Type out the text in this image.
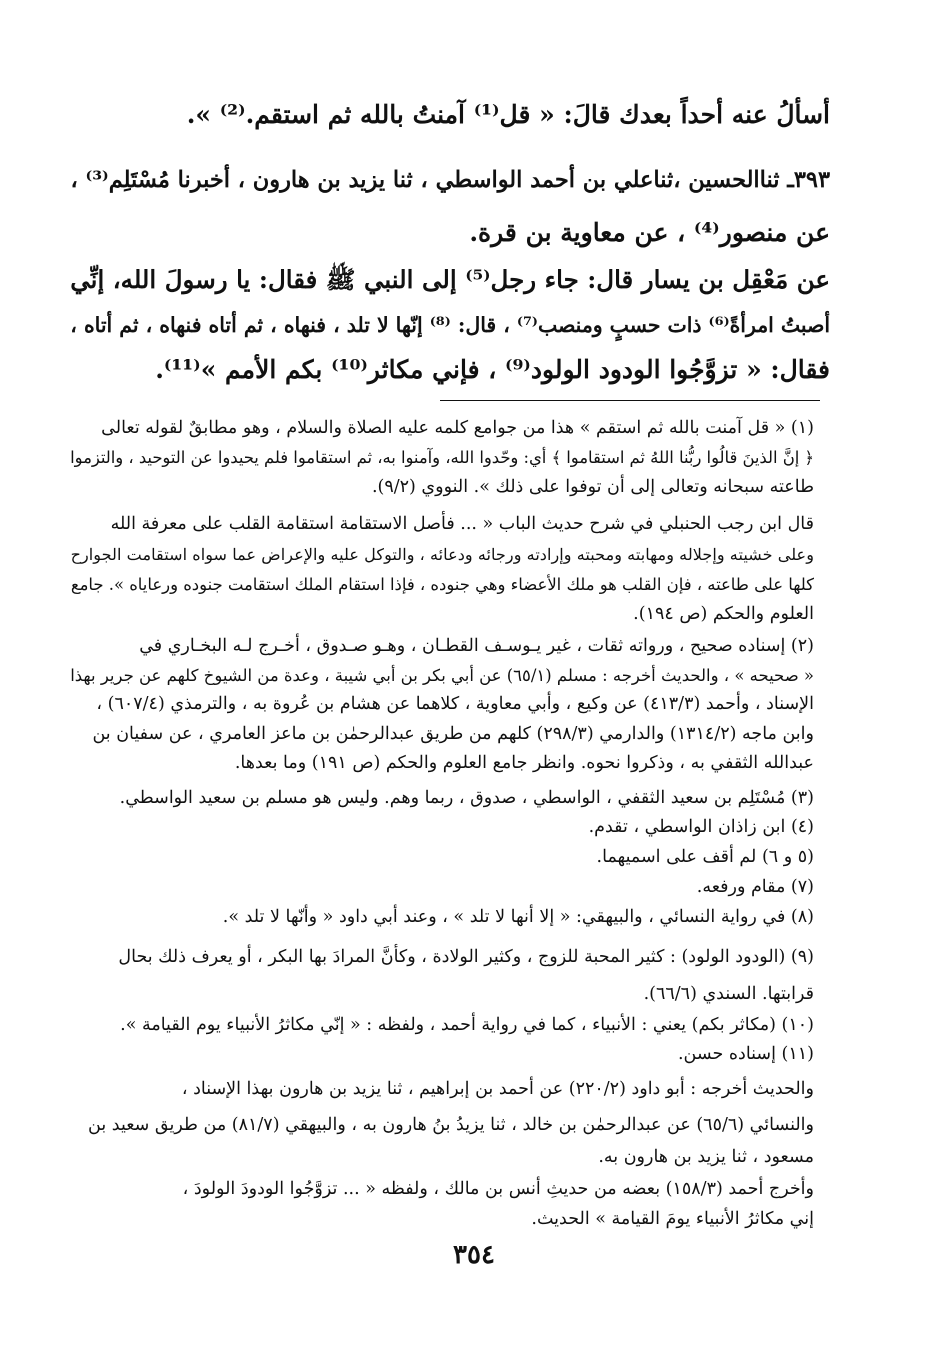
أسألُ عنه أحداً بعدك قالَ: « قل⁽¹⁾ آمنتُ بالله ثم استقم.⁽²⁾ ».
٣٩٣ـ ثناالحسين ،ثناعلي بن أحمد الواسطي ، ثنا يزيد بن هارون ، أخبرنا مُسْتَلِم⁽³⁾ ،
عن منصور⁽⁴⁾ ، عن معاوية بن قرة.
عن مَعْقِل بن يسار قال: جاء رجل⁽⁵⁾ إلى النبي ﷺ فقال: يا رسولَ الله، إنِّي
أصبتُ امرأةً⁽⁶⁾ ذات حسبٍ ومنصب⁽⁷⁾ ، قال: ⁽⁸⁾ إنّها لا تلد ، فنهاه ، ثم أتاه فنهاه ، ثم أتاه ،
فقال: « تزوَّجُوا الودود الولود⁽⁹⁾ ، فإني مكاثر⁽¹⁰⁾ بكم الأمم »⁽¹¹⁾.
(١) « قل آمنت بالله ثم استقم » هذا من جوامع كلمه عليه الصلاة والسلام ، وهو مطابقٌ لقوله تعالى
﴿ إنَّ الذينَ قالُوا ربُّنا اللهُ ثم استقاموا ﴾ أي: وحّدوا الله، وآمنوا به، ثم استقاموا فلم يحيدوا عن التوحيد ، والتزموا
طاعته سبحانه وتعالى إلى أن توفوا على ذلك ». النووي (٩/٢).
قال ابن رجب الحنبلي في شرح حديث الباب « ... فأصل الاستقامة استقامة القلب على معرفة الله
وعلى خشيته وإجلاله ومهابته ومحبته وإرادته ورجائه ودعائه ، والتوكل عليه والإعراض عما سواه استقامت الجوارح
كلها على طاعته ، فإن القلب هو ملك الأعضاء وهي جنوده ، فإذا استقام الملك استقامت جنوده ورعاياه ». جامع
العلوم والحكم (ص ١٩٤).
(٢) إسناده صحيح ، ورواته ثقات ، غير يـوسـف القطـان ، وهـو صـدوق ، أخـرج لـه البخـاري في
« صحيحه » ، والحديث أخرجه : مسلم (٦٥/١) عن أبي بكر بن أبي شيبة ، وعدة من الشيوخ كلهم عن جرير بهذا
الإسناد ، وأحمد (٤١٣/٣) عن وكيع ، وأبي معاوية ، كلاهما عن هشام بن عُروة به ، والترمذي (٦٠٧/٤) ،
وابن ماجه (١٣١٤/٢) والدارمي (٢٩٨/٣) كلهم من طريق عبدالرحمٰن بن ماعز العامري ، عن سفيان بن
عبدالله الثقفي به ، وذكروا نحوه. وانظر جامع العلوم والحكم (ص ١٩١) وما بعدها.
(٣) مُسْتَلِم بن سعيد الثقفي ، الواسطي ، صدوق ، ربما وهم. وليس هو مسلم بن سعيد الواسطي.
(٤) ابن زاذان الواسطي ، تقدم.
(٥ و ٦) لم أقف على اسميهما.
(٧) مقام ورفعه.
(٨) في رواية النسائي ، والبيهقي: « إلا أنها لا تلد » ، وعند أبي داود « وأنّها لا تلد ».
(٩) (الودود الولود) : كثير المحبة للزوج ، وكثير الولادة ، وكأنَّ المرادَ بها البكر ، أو يعرف ذلك بحال
قرابتها. السندي (٦٦/٦).
(١٠) (مكاثر بكم) يعني : الأنبياء ، كما في رواية أحمد ، ولفظه : « إنّي مكاثرُ الأنبياء يوم القيامة ».
(١١) إسناده حسن.
والحديث أخرجه : أبو داود (٢٢٠/٢) عن أحمد بن إبراهيم ، ثنا يزيد بن هارون بهذا الإسناد ،
والنسائي (٦٥/٦) عن عبدالرحمٰن بن خالد ، ثنا يزيدُ بنُ هارون به ، والبيهقي (٨١/٧) من طريق سعيد بن
مسعود ، ثنا يزيد بن هارون به.
وأخرج أحمد (١٥٨/٣) بعضه من حديثِ أنس بن مالك ، ولفظه « ... تزوَّجُوا الودودَ الولودَ ،
إني مكاثرُ الأنبياء يومَ القيامة » الحديث.
٣٥٤
